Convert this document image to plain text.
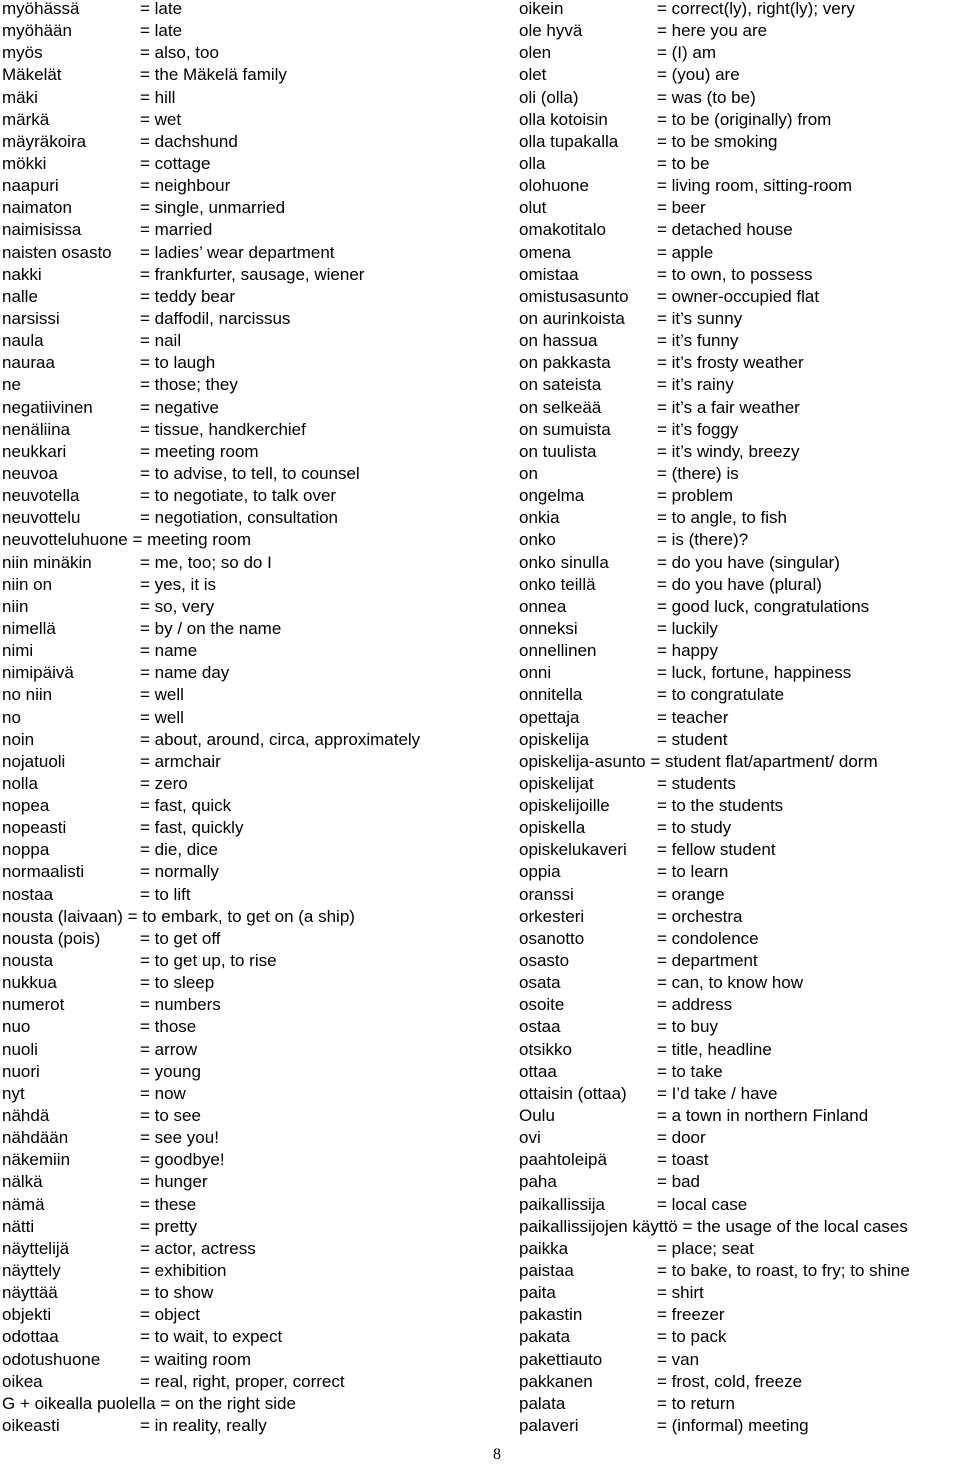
myöhässä	= late
myöhään	= late
myös	= also, too
Mäkelät	= the Mäkelä family
mäki	= hill
märkä	= wet
mäyräkoira	= dachshund
mökki	= cottage
naapuri	= neighbour
naimaton	= single, unmarried
naimisissa	= married
naisten osasto = ladies’ wear department
nakki	= frankfurter, sausage, wiener
nalle	= teddy bear
narsissi	= daffodil, narcissus
naula	= nail
nauraa	= to laugh
ne	= those; they
negatiivinen	= negative
nenäliina	= tissue, handkerchief
neukkari	= meeting room
neuvoa	= to advise, to tell, to counsel
neuvotella	= to negotiate, to talk over
neuvottelu	= negotiation, consultation
neuvotteluhuone = meeting room
niin minäkin	= me, too; so do I
niin on	= yes, it is
niin	= so, very
nimellä	= by / on the name
nimi	= name
nimipäivä	= name day
no niin	= well
no	= well
noin	= about, around, circa, approximately
nojatuoli	= armchair
nolla	= zero
nopea	= fast, quick
nopeasti	= fast, quickly
noppa	= die, dice
normaalisti	= normally
nostaa	= to lift
nousta (laivaan) = to embark, to get on (a ship)
nousta (pois) = to get off
nousta	= to get up, to rise
nukkua	= to sleep
numerot	= numbers
nuo	= those
nuoli	= arrow
nuori	= young
nyt	= now
nähdä	= to see
nähdään	= see you!
näkemiin	= goodbye!
nälkä	= hunger
nämä	= these
nätti	= pretty
näyttelijä	= actor, actress
näyttely	= exhibition
näyttää	= to show
objekti	= object
odottaa	= to wait, to expect
odotushuone = waiting room
oikea	= real, right, proper, correct
G + oikealla puolella = on the right side
oikeasti	= in reality, really
oikein	= correct(ly), right(ly); very
ole hyvä	= here you are
olen	= (I) am
olet	= (you) are
oli (olla)	= was (to be)
olla kotoisin	= to be (originally) from
olla tupakalla = to be smoking
olla	= to be
olohuone	= living room, sitting-room
olut	= beer
omakotitalo	= detached house
omena	= apple
omistaa	= to own, to possess
omistusasunto = owner-occupied flat
on aurinkoista = it’s sunny
on hassua	= it’s funny
on pakkasta	= it’s frosty weather
on sateista	= it’s rainy
on selkeää	= it’s a fair weather
on sumuista	= it’s foggy
on tuulista	= it’s windy, breezy
on	= (there) is
ongelma	= problem
onkia	= to angle, to fish
onko	= is (there)?
onko sinulla	= do you have (singular)
onko teillä	= do you have (plural)
onnea	= good luck, congratulations
onneksi	= luckily
onnellinen	= happy
onni	= luck, fortune, happiness
onnitella	= to congratulate
opettaja	= teacher
opiskelija	= student
opiskelija-asunto = student flat/apartment/ dorm
opiskelijat	= students
opiskelijoille	= to the students
opiskella	= to study
opiskelukaveri = fellow student
oppia	= to learn
oranssi	= orange
orkesteri	= orchestra
osanotto	= condolence
osasto	= department
osata	= can, to know how
osoite	= address
ostaa	= to buy
otsikko	= title, headline
ottaa	= to take
ottaisin (ottaa) = I’d take / have
Oulu	= a town in northern Finland
ovi	= door
paahtoleipä	= toast
paha	= bad
paikallissija	= local case
paikallissijojen käyttö = the usage of the local cases
paikka	= place; seat
paistaa	= to bake, to roast, to fry; to shine
paita	= shirt
pakastin	= freezer
pakata	= to pack
pakettiauto	= van
pakkanen	= frost, cold, freeze
palata	= to return
palaveri	= (informal) meeting
8
